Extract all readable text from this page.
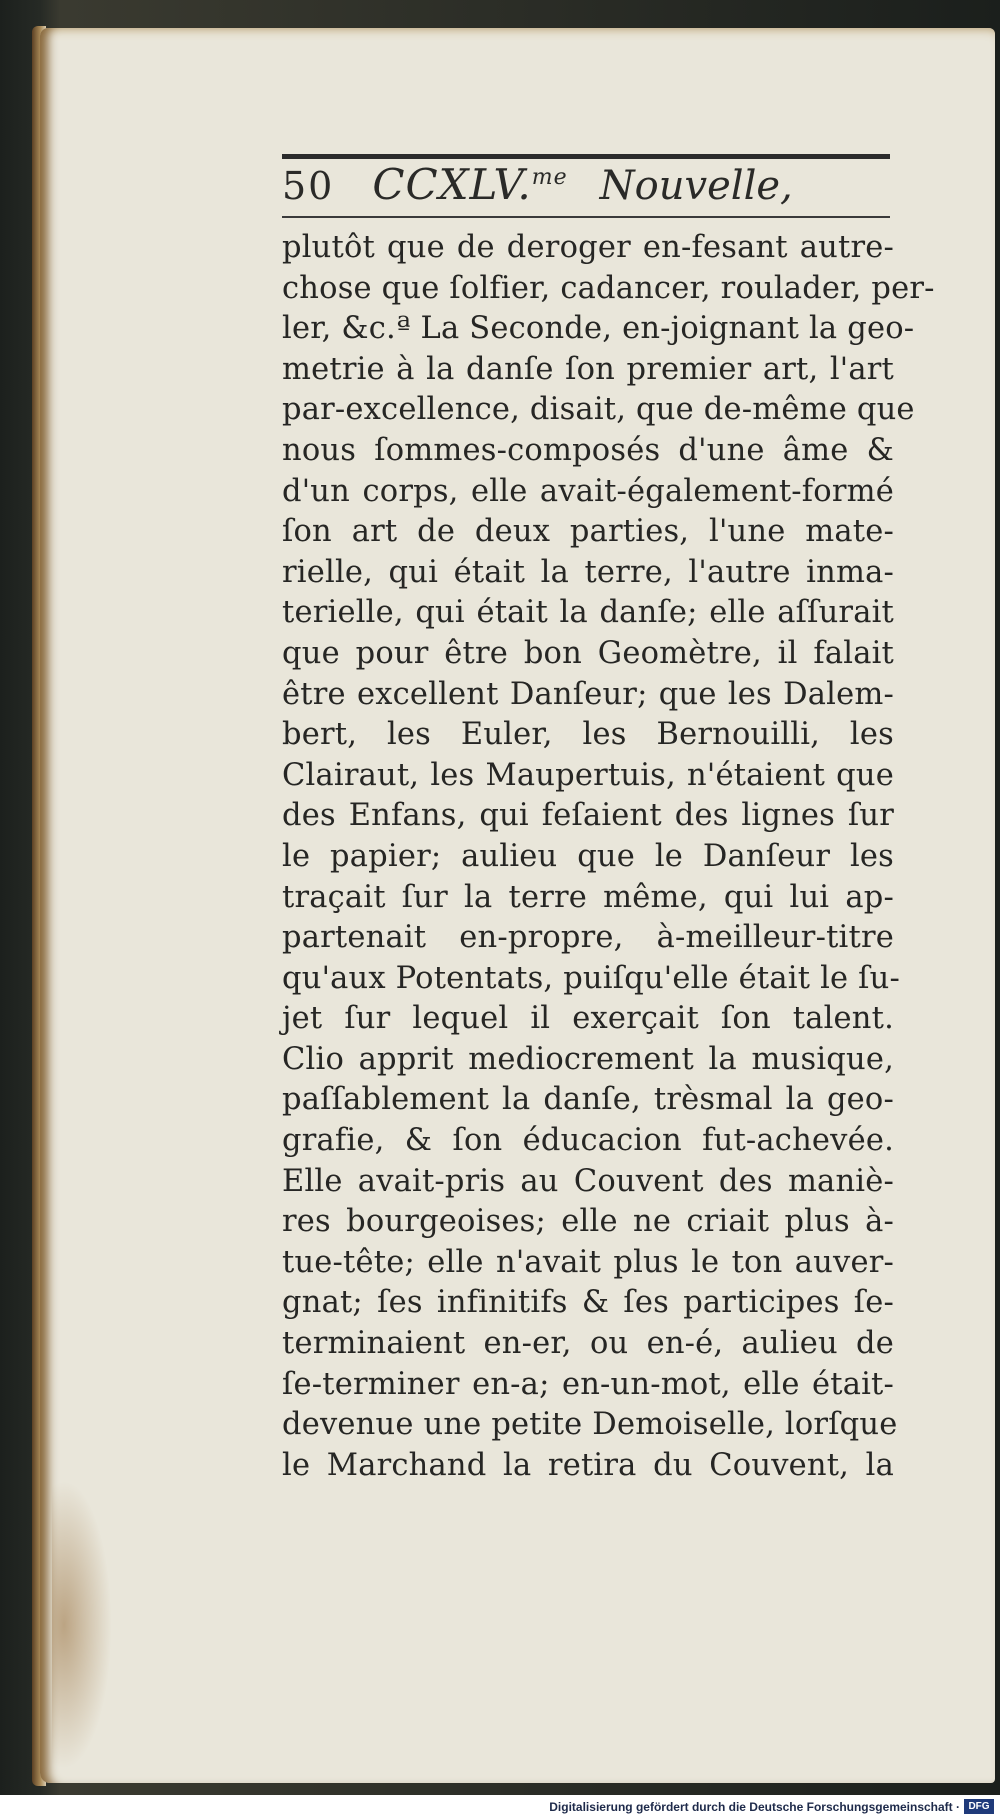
50 CCXLV.$^{me}$ Nouvelle,
plutôt que de deroger en-fesant autre-
chose que ſolfier, cadancer, roulader, per-
ler, &c.ª La Seconde, en-joignant la geo-
metrie à la danſe ſon premier art, l'art
par-excellence, disait, que de-même que
nous ſommes-composés d'une âme &
d'un corps, elle avait-également-formé
ſon art de deux parties, l'une mate-
rielle, qui était la terre, l'autre inma-
terielle, qui était la danſe; elle aſſurait
que pour être bon Geomètre, il falait
être excellent Danſeur; que les Dalem-
bert, les Euler, les Bernouilli, les
Clairaut, les Maupertuis, n'étaient que
des Enfans, qui feſaient des lignes ſur
le papier; aulieu que le Danſeur les
traçait ſur la terre même, qui lui ap-
partenait en-propre, à-meilleur-titre
qu'aux Potentats, puiſqu'elle était le ſu-
jet ſur lequel il exerçait ſon talent.
Clio apprit mediocrement la musique,
paſſablement la danſe, trèsmal la geo-
grafie, & ſon éducacion fut-achevée.
Elle avait-pris au Couvent des maniè-
res bourgeoises; elle ne criait plus à-
tue-tête; elle n'avait plus le ton auver-
gnat; ſes infinitifs & ſes participes ſe-
terminaient en-er, ou en-é, aulieu de
ſe-terminer en-a; en-un-mot, elle était-
devenue une petite Demoiselle, lorſque
le Marchand la retira du Couvent, la
Digitalisierung gefördert durch die Deutsche Forschungsgemeinschaft · DFG
